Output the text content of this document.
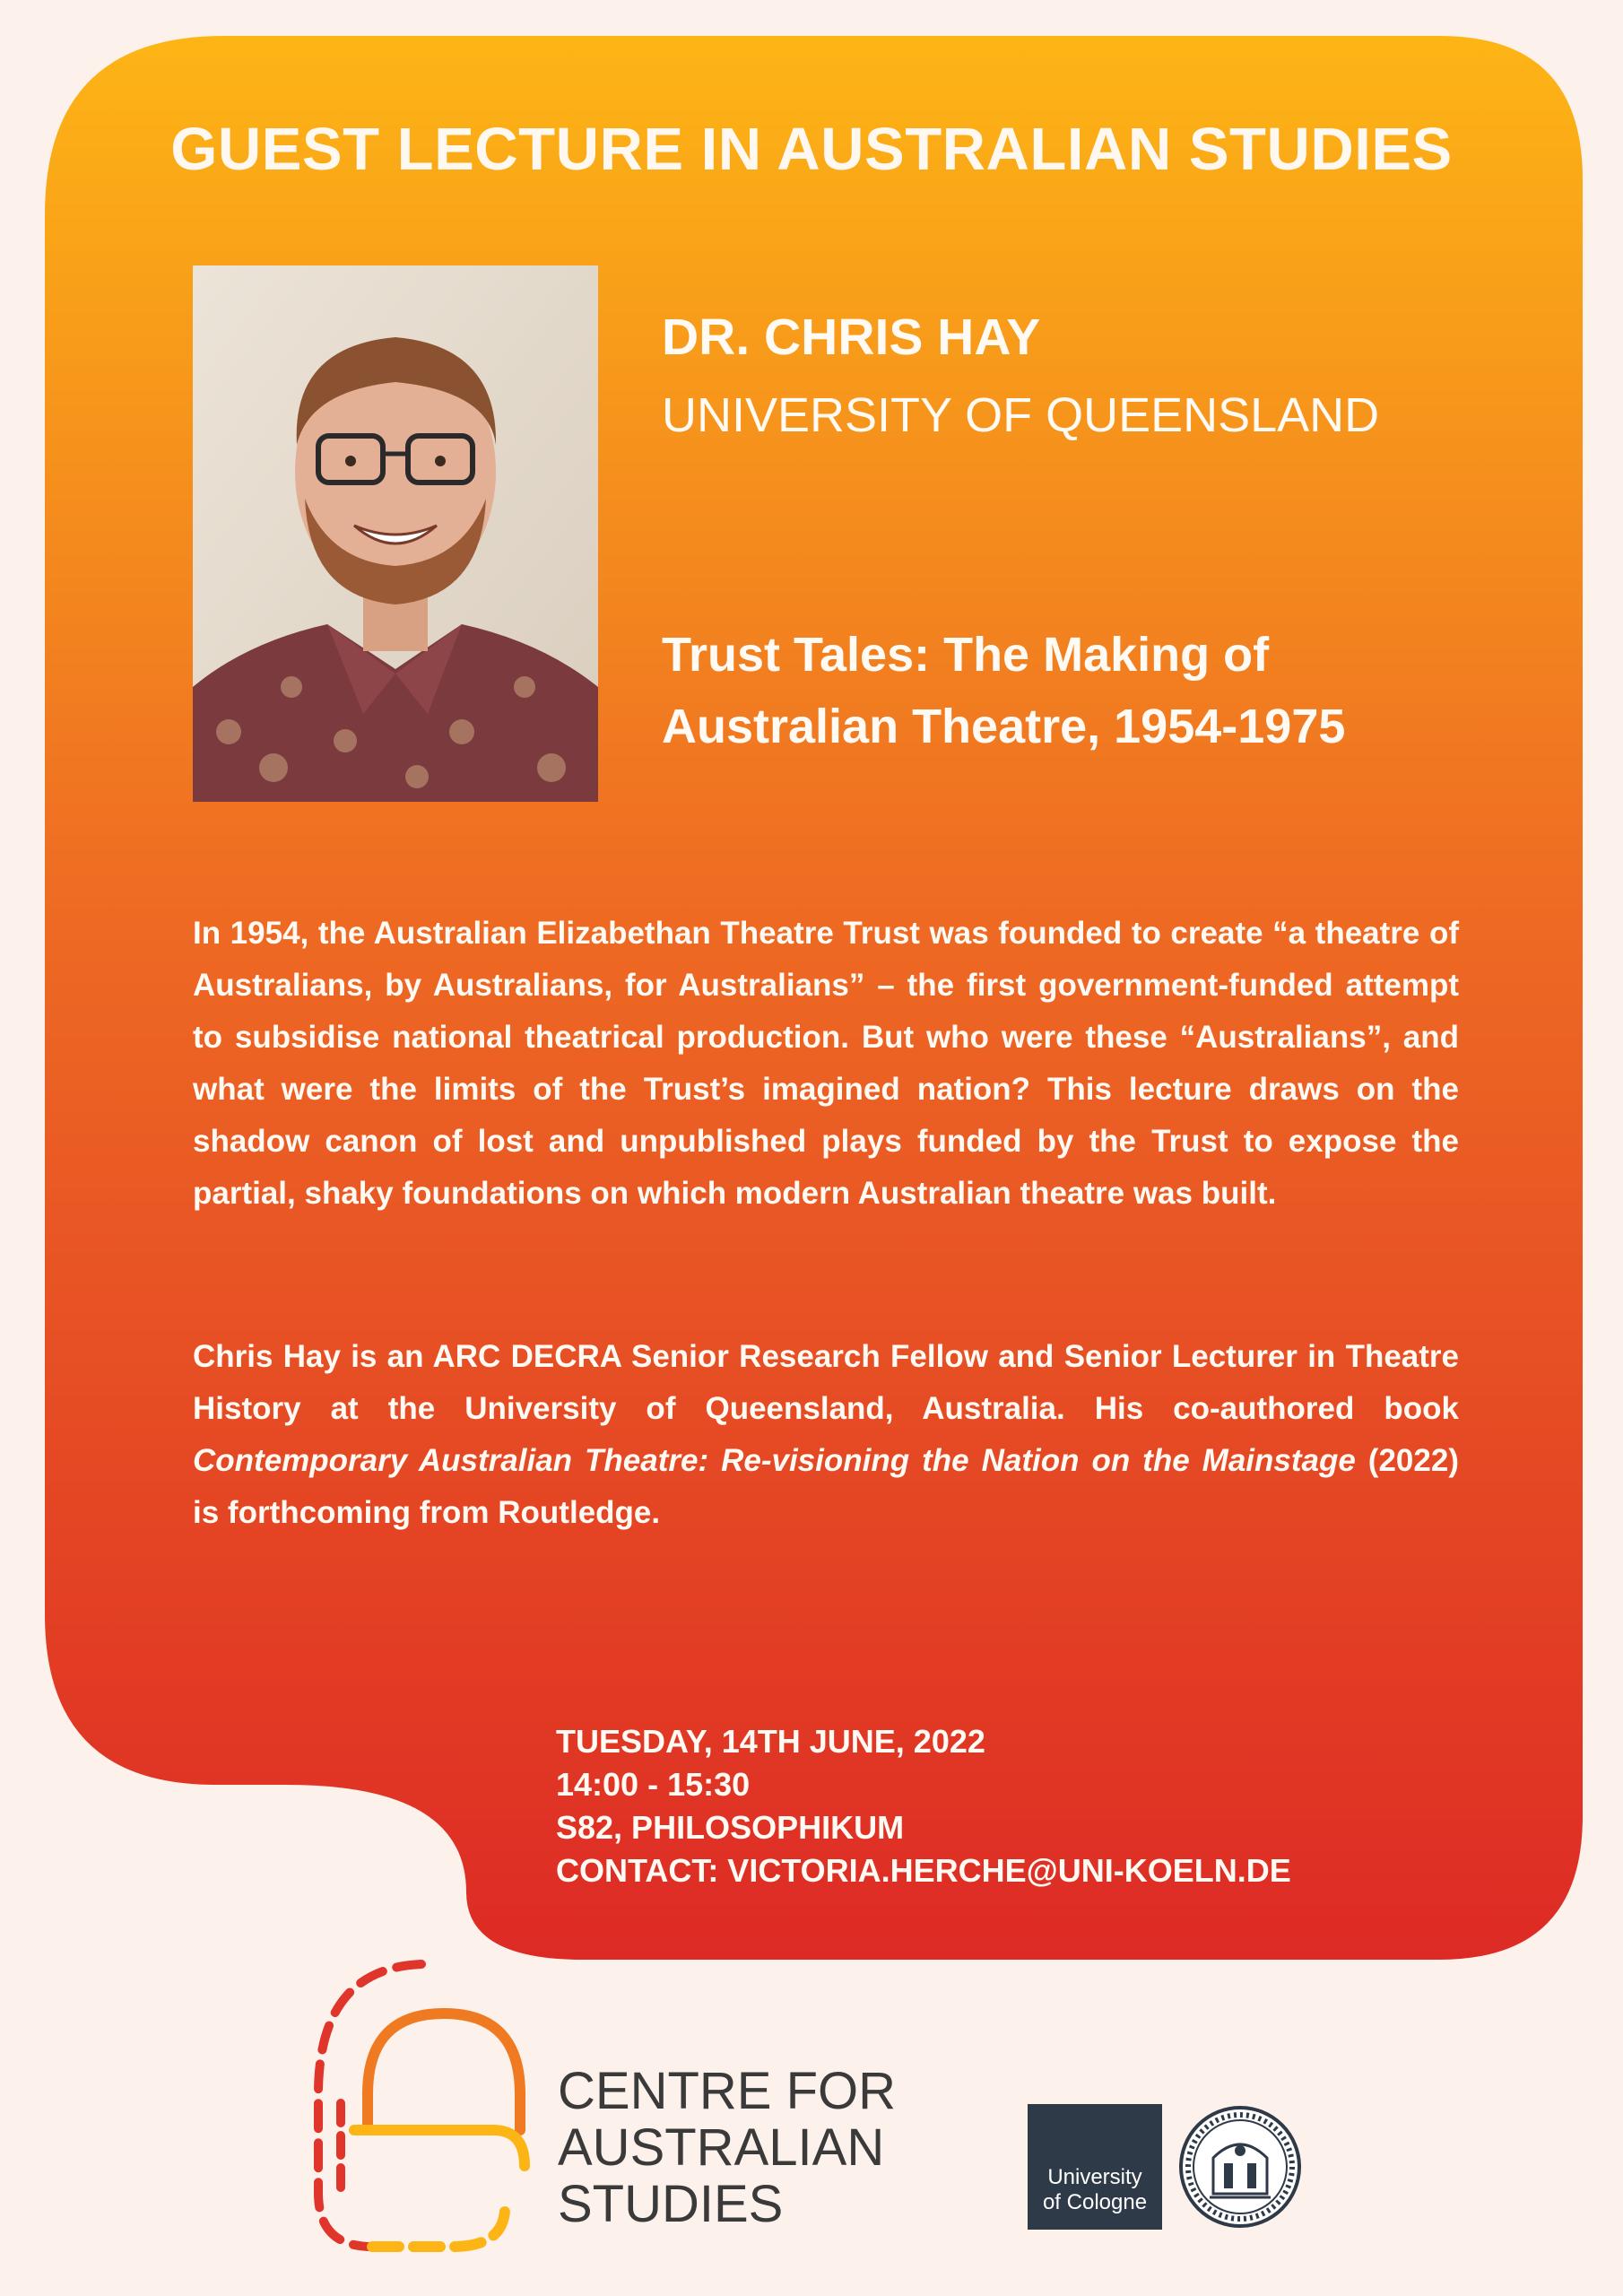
GUEST LECTURE IN AUSTRALIAN STUDIES
DR. CHRIS HAY
UNIVERSITY OF QUEENSLAND
Trust Tales: The Making of
Australian Theatre, 1954-1975

In 1954, the Australian Elizabethan Theatre Trust was founded to create “a theatre of Australians, by Australians, for Australians” – the first government-funded attempt to subsidise national theatrical production. But who were these “Australians”, and what were the limits of the Trust’s imagined nation? This lecture draws on the shadow canon of lost and unpublished plays funded by the Trust to expose the partial, shaky foundations on which modern Australian theatre was built.

Chris Hay is an ARC DECRA Senior Research Fellow and Senior Lecturer in Theatre History at the University of Queensland, Australia. His co-authored book Contemporary Australian Theatre: Re-visioning the Nation on the Mainstage (2022) is forthcoming from Routledge.

TUESDAY, 14TH JUNE, 2022
14:00 - 15:30
S82, PHILOSOPHIKUM
CONTACT: VICTORIA.HERCHE@UNI-KOELN.DE
CENTRE FOR
AUSTRALIAN
STUDIES	University
of Cologne
